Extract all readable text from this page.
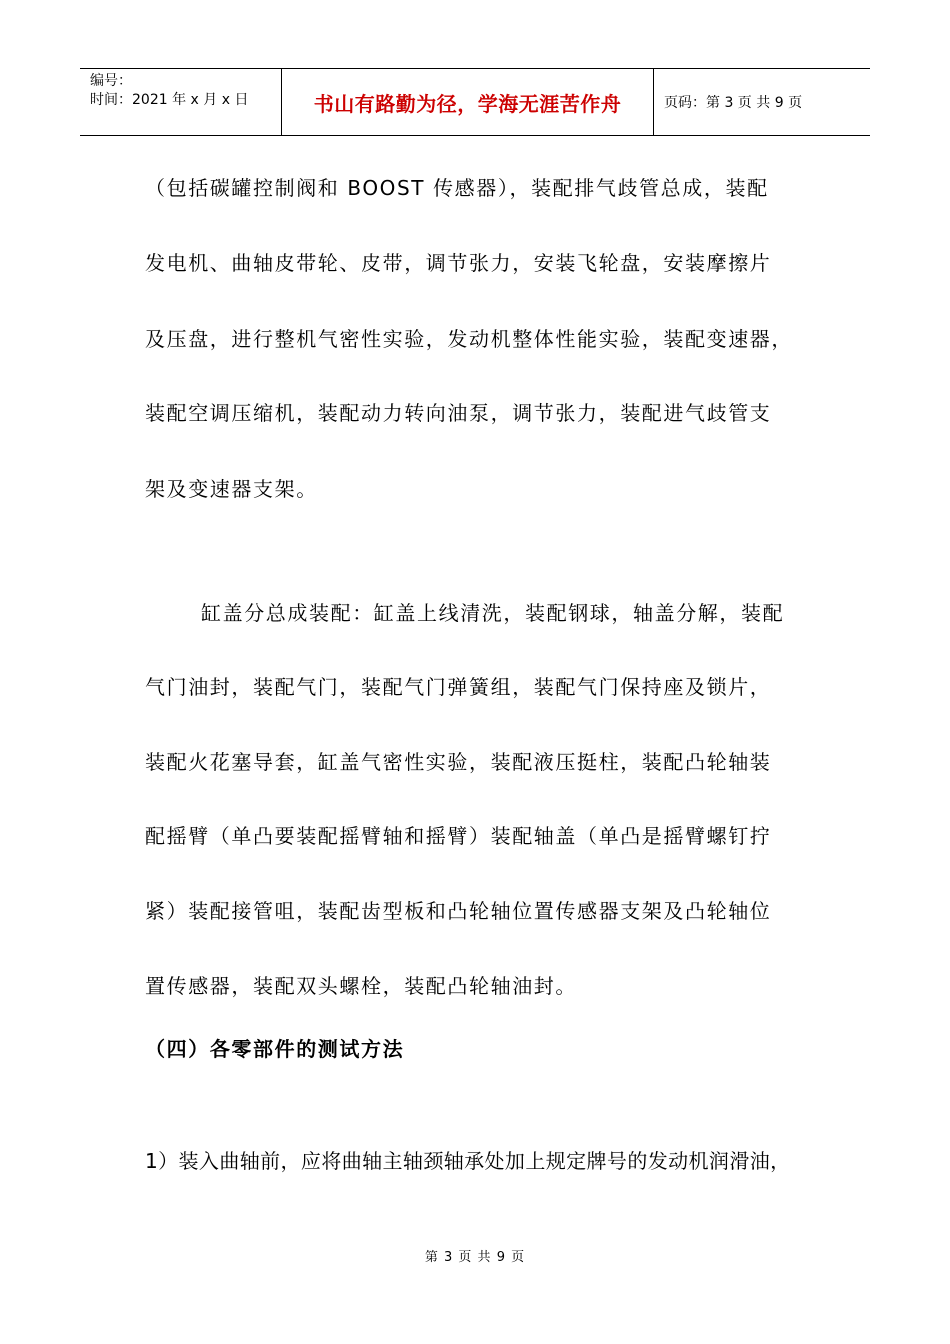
编号：
时间：2021 年 x 月 x 日	书山有路勤为径，学海无涯苦作舟	页码：第 3 页 共 9 页
（包括碳罐控制阀和 BOOST 传感器），装配排气歧管总成，装配
发电机、曲轴皮带轮、皮带，调节张力，安装飞轮盘，安装摩擦片
及压盘，进行整机气密性实验，发动机整体性能实验，装配变速器，
装配空调压缩机，装配动力转向油泵，调节张力，装配进气歧管支
架及变速器支架。
缸盖分总成装配：缸盖上线清洗，装配钢球，轴盖分解，装配
气门油封，装配气门，装配气门弹簧组，装配气门保持座及锁片，
装配火花塞导套，缸盖气密性实验，装配液压挺柱，装配凸轮轴装
配摇臂（单凸要装配摇臂轴和摇臂）装配轴盖（单凸是摇臂螺钉拧
紧）装配接管咀，装配齿型板和凸轮轴位置传感器支架及凸轮轴位
置传感器，装配双头螺栓，装配凸轮轴油封。
（四）各零部件的测试方法
1）装入曲轴前，应将曲轴主轴颈轴承处加上规定牌号的发动机润滑油，
第 3 页 共 9 页
